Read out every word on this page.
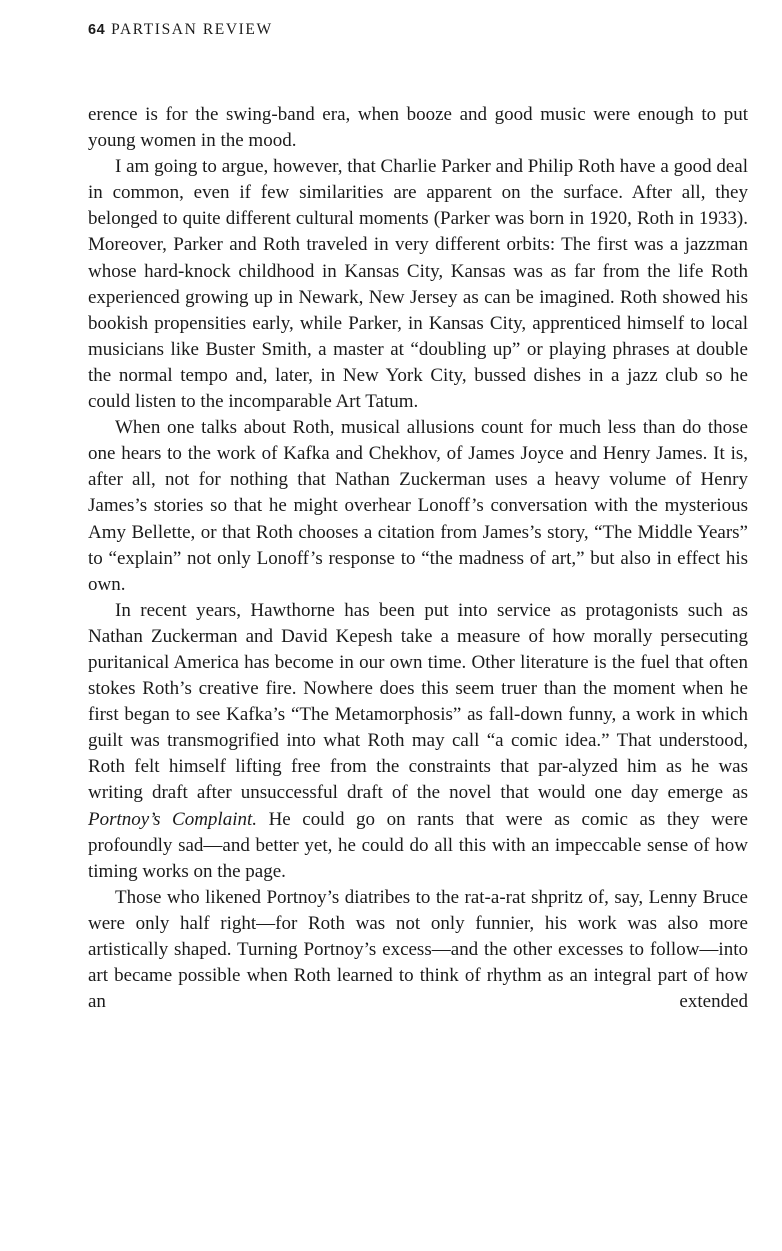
64 PARTISAN REVIEW

erence is for the swing-band era, when booze and good music were enough to put young women in the mood.

I am going to argue, however, that Charlie Parker and Philip Roth have a good deal in common, even if few similarities are apparent on the surface. After all, they belonged to quite different cultural moments (Parker was born in 1920, Roth in 1933). Moreover, Parker and Roth traveled in very different orbits: The first was a jazzman whose hard-knock childhood in Kansas City, Kansas was as far from the life Roth experienced growing up in Newark, New Jersey as can be imagined. Roth showed his bookish propensities early, while Parker, in Kansas City, apprenticed himself to local musicians like Buster Smith, a master at “doubling up” or playing phrases at double the normal tempo and, later, in New York City, bussed dishes in a jazz club so he could listen to the incomparable Art Tatum.

When one talks about Roth, musical allusions count for much less than do those one hears to the work of Kafka and Chekhov, of James Joyce and Henry James. It is, after all, not for nothing that Nathan Zuckerman uses a heavy volume of Henry James’s stories so that he might overhear Lonoff’s conversation with the mysterious Amy Bellette, or that Roth chooses a citation from James’s story, “The Middle Years” to “explain” not only Lonoff’s response to “the madness of art,” but also in effect his own.

In recent years, Hawthorne has been put into service as protagonists such as Nathan Zuckerman and David Kepesh take a measure of how morally persecuting puritanical America has become in our own time. Other literature is the fuel that often stokes Roth’s creative fire. Nowhere does this seem truer than the moment when he first began to see Kafka’s “The Metamorphosis” as fall-down funny, a work in which guilt was transmogrified into what Roth may call “a comic idea.” That understood, Roth felt himself lifting free from the constraints that par-alyzed him as he was writing draft after unsuccessful draft of the novel that would one day emerge as Portnoy’s Complaint. He could go on rants that were as comic as they were profoundly sad—and better yet, he could do all this with an impeccable sense of how timing works on the page.

Those who likened Portnoy’s diatribes to the rat-a-rat shpritz of, say, Lenny Bruce were only half right—for Roth was not only funnier, his work was also more artistically shaped. Turning Portnoy’s excess—and the other excesses to follow—into art became possible when Roth learned to think of rhythm as an integral part of how an extended
